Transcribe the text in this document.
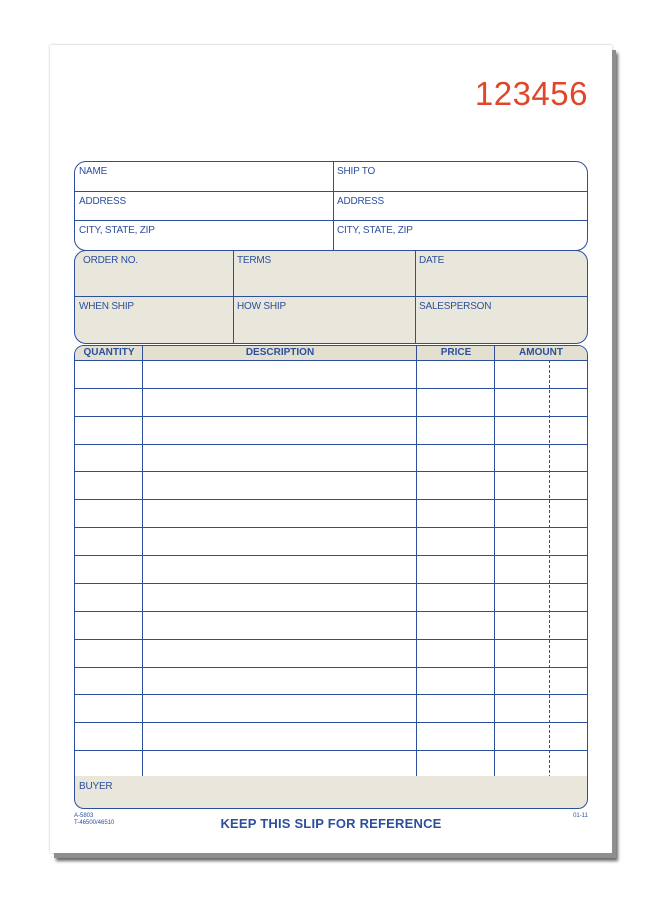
123456
NAME	SHIP TO
ADDRESS	ADDRESS
CITY, STATE, ZIP	CITY, STATE, ZIP
ORDER NO.	TERMS	DATE
WHEN SHIP	HOW SHIP	SALESPERSON
QUANTITY	DESCRIPTION	PRICE	AMOUNT
BUYER
A-5803
T-46500/46510	KEEP THIS SLIP FOR REFERENCE	01-11
